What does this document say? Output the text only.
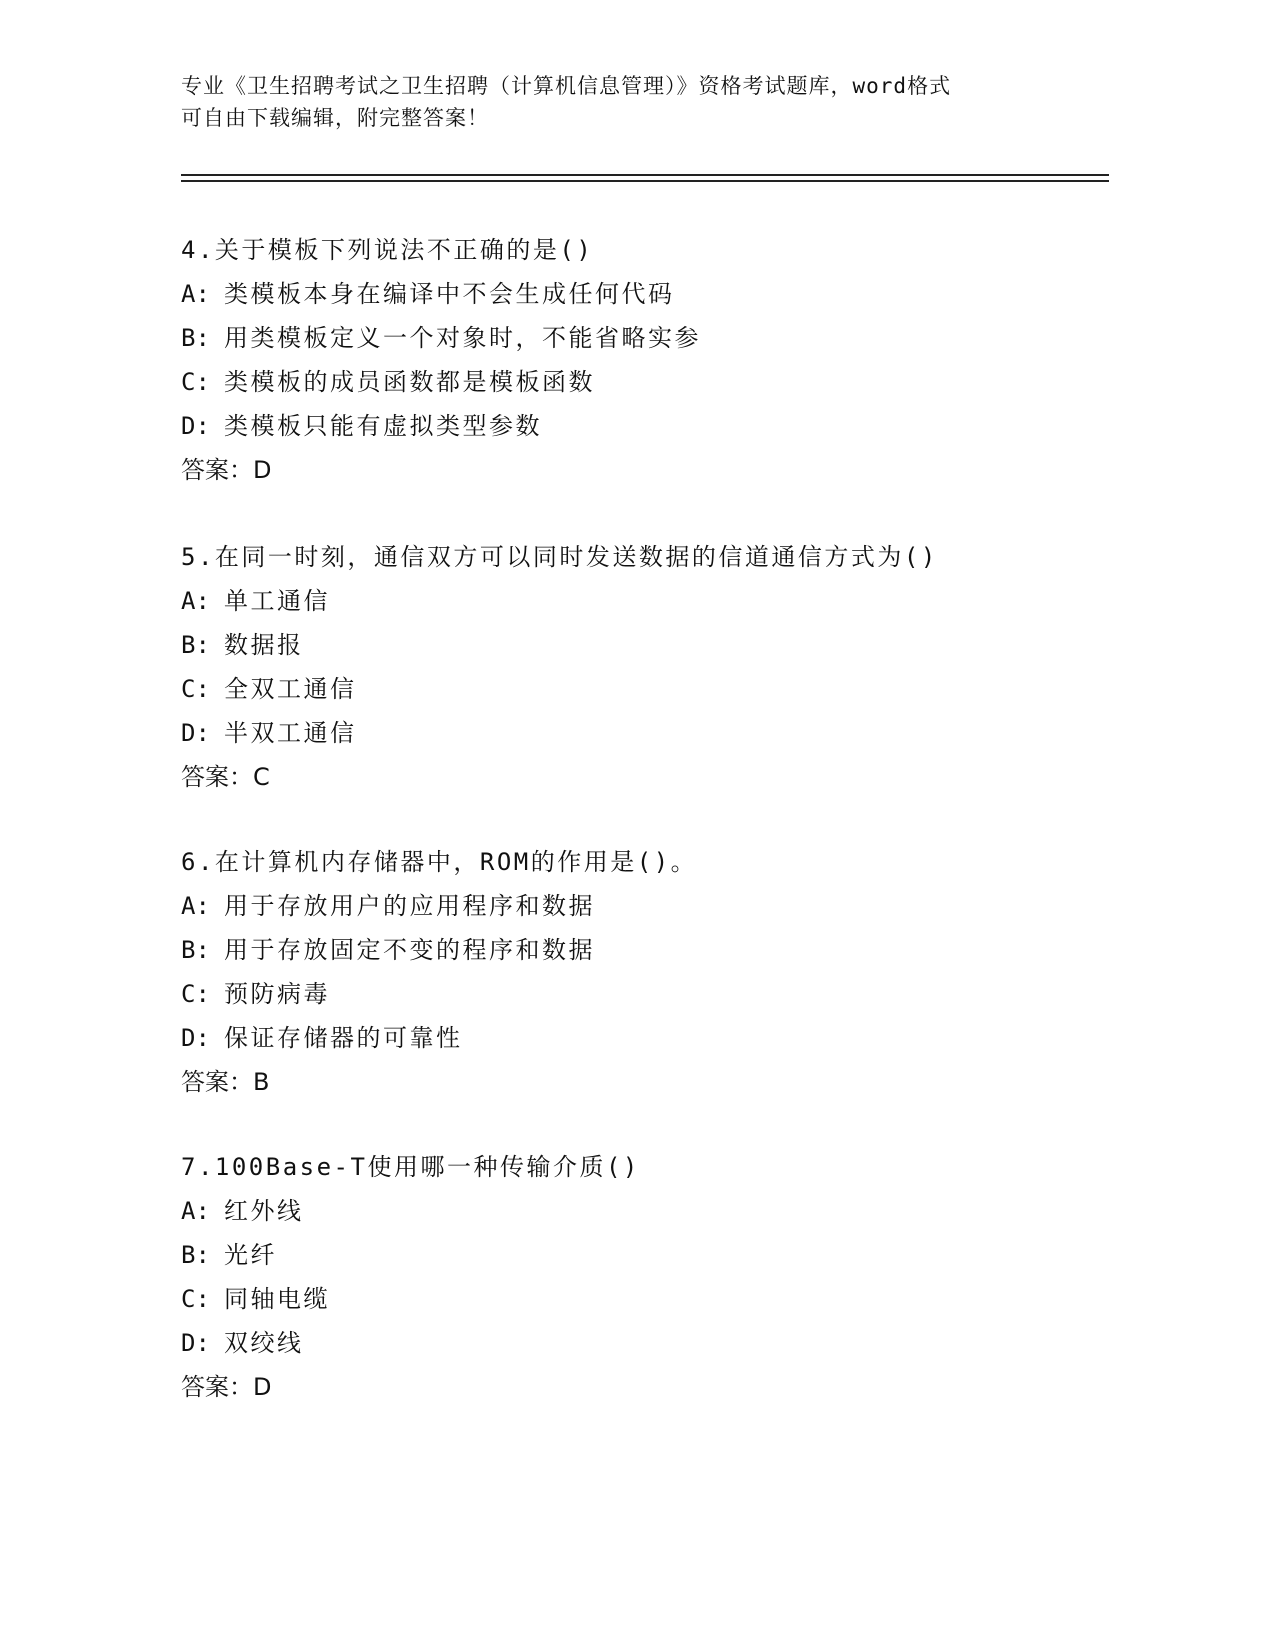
专业《卫生招聘考试之卫生招聘（计算机信息管理）》资格考试题库，word格式
可自由下载编辑，附完整答案！
4.关于模板下列说法不正确的是()
A: 类模板本身在编译中不会生成任何代码
B: 用类模板定义一个对象时，不能省略实参
C: 类模板的成员函数都是模板函数
D: 类模板只能有虚拟类型参数
答案：D
5.在同一时刻，通信双方可以同时发送数据的信道通信方式为()
A: 单工通信
B: 数据报
C: 全双工通信
D: 半双工通信
答案：C
6.在计算机内存储器中，ROM的作用是()。
A: 用于存放用户的应用程序和数据
B: 用于存放固定不变的程序和数据
C: 预防病毒
D: 保证存储器的可靠性
答案：B
7.100Base-T使用哪一种传输介质()
A: 红外线
B: 光纤
C: 同轴电缆
D: 双绞线
答案：D
